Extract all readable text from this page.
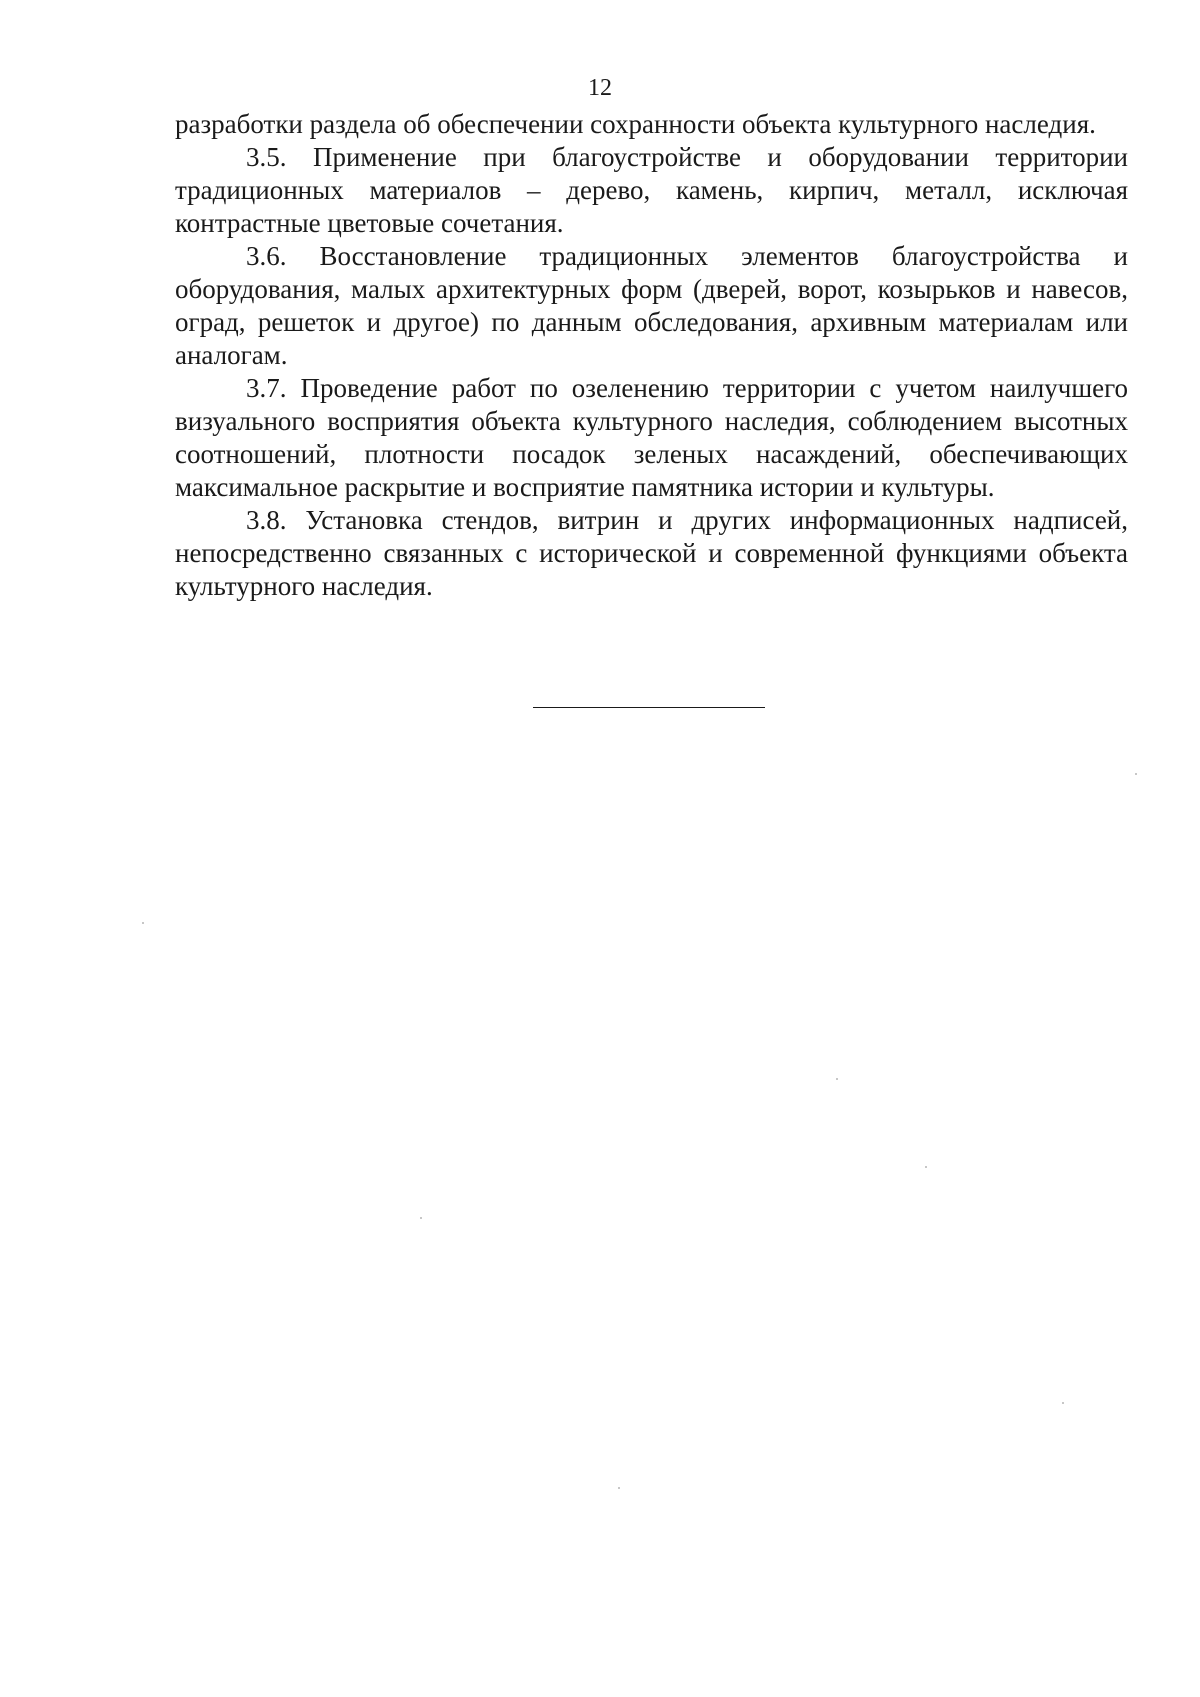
12

разработки раздела об обеспечении сохранности объекта культурного наследия.

3.5. Применение при благоустройстве и оборудовании территории традиционных материалов – дерево, камень, кирпич, металл, исключая контрастные цветовые сочетания.

3.6. Восстановление традиционных элементов благоустройства и оборудования, малых архитектурных форм (дверей, ворот, козырьков и навесов, оград, решеток и другое) по данным обследования, архивным материалам или аналогам.

3.7. Проведение работ по озеленению территории с учетом наилучшего визуального восприятия объекта культурного наследия, соблюдением высотных соотношений, плотности посадок зеленых насаждений, обеспечивающих максимальное раскрытие и восприятие памятника истории и культуры.

3.8. Установка стендов, витрин и других информационных надписей, непосредственно связанных с исторической и современной функциями объекта культурного наследия.
